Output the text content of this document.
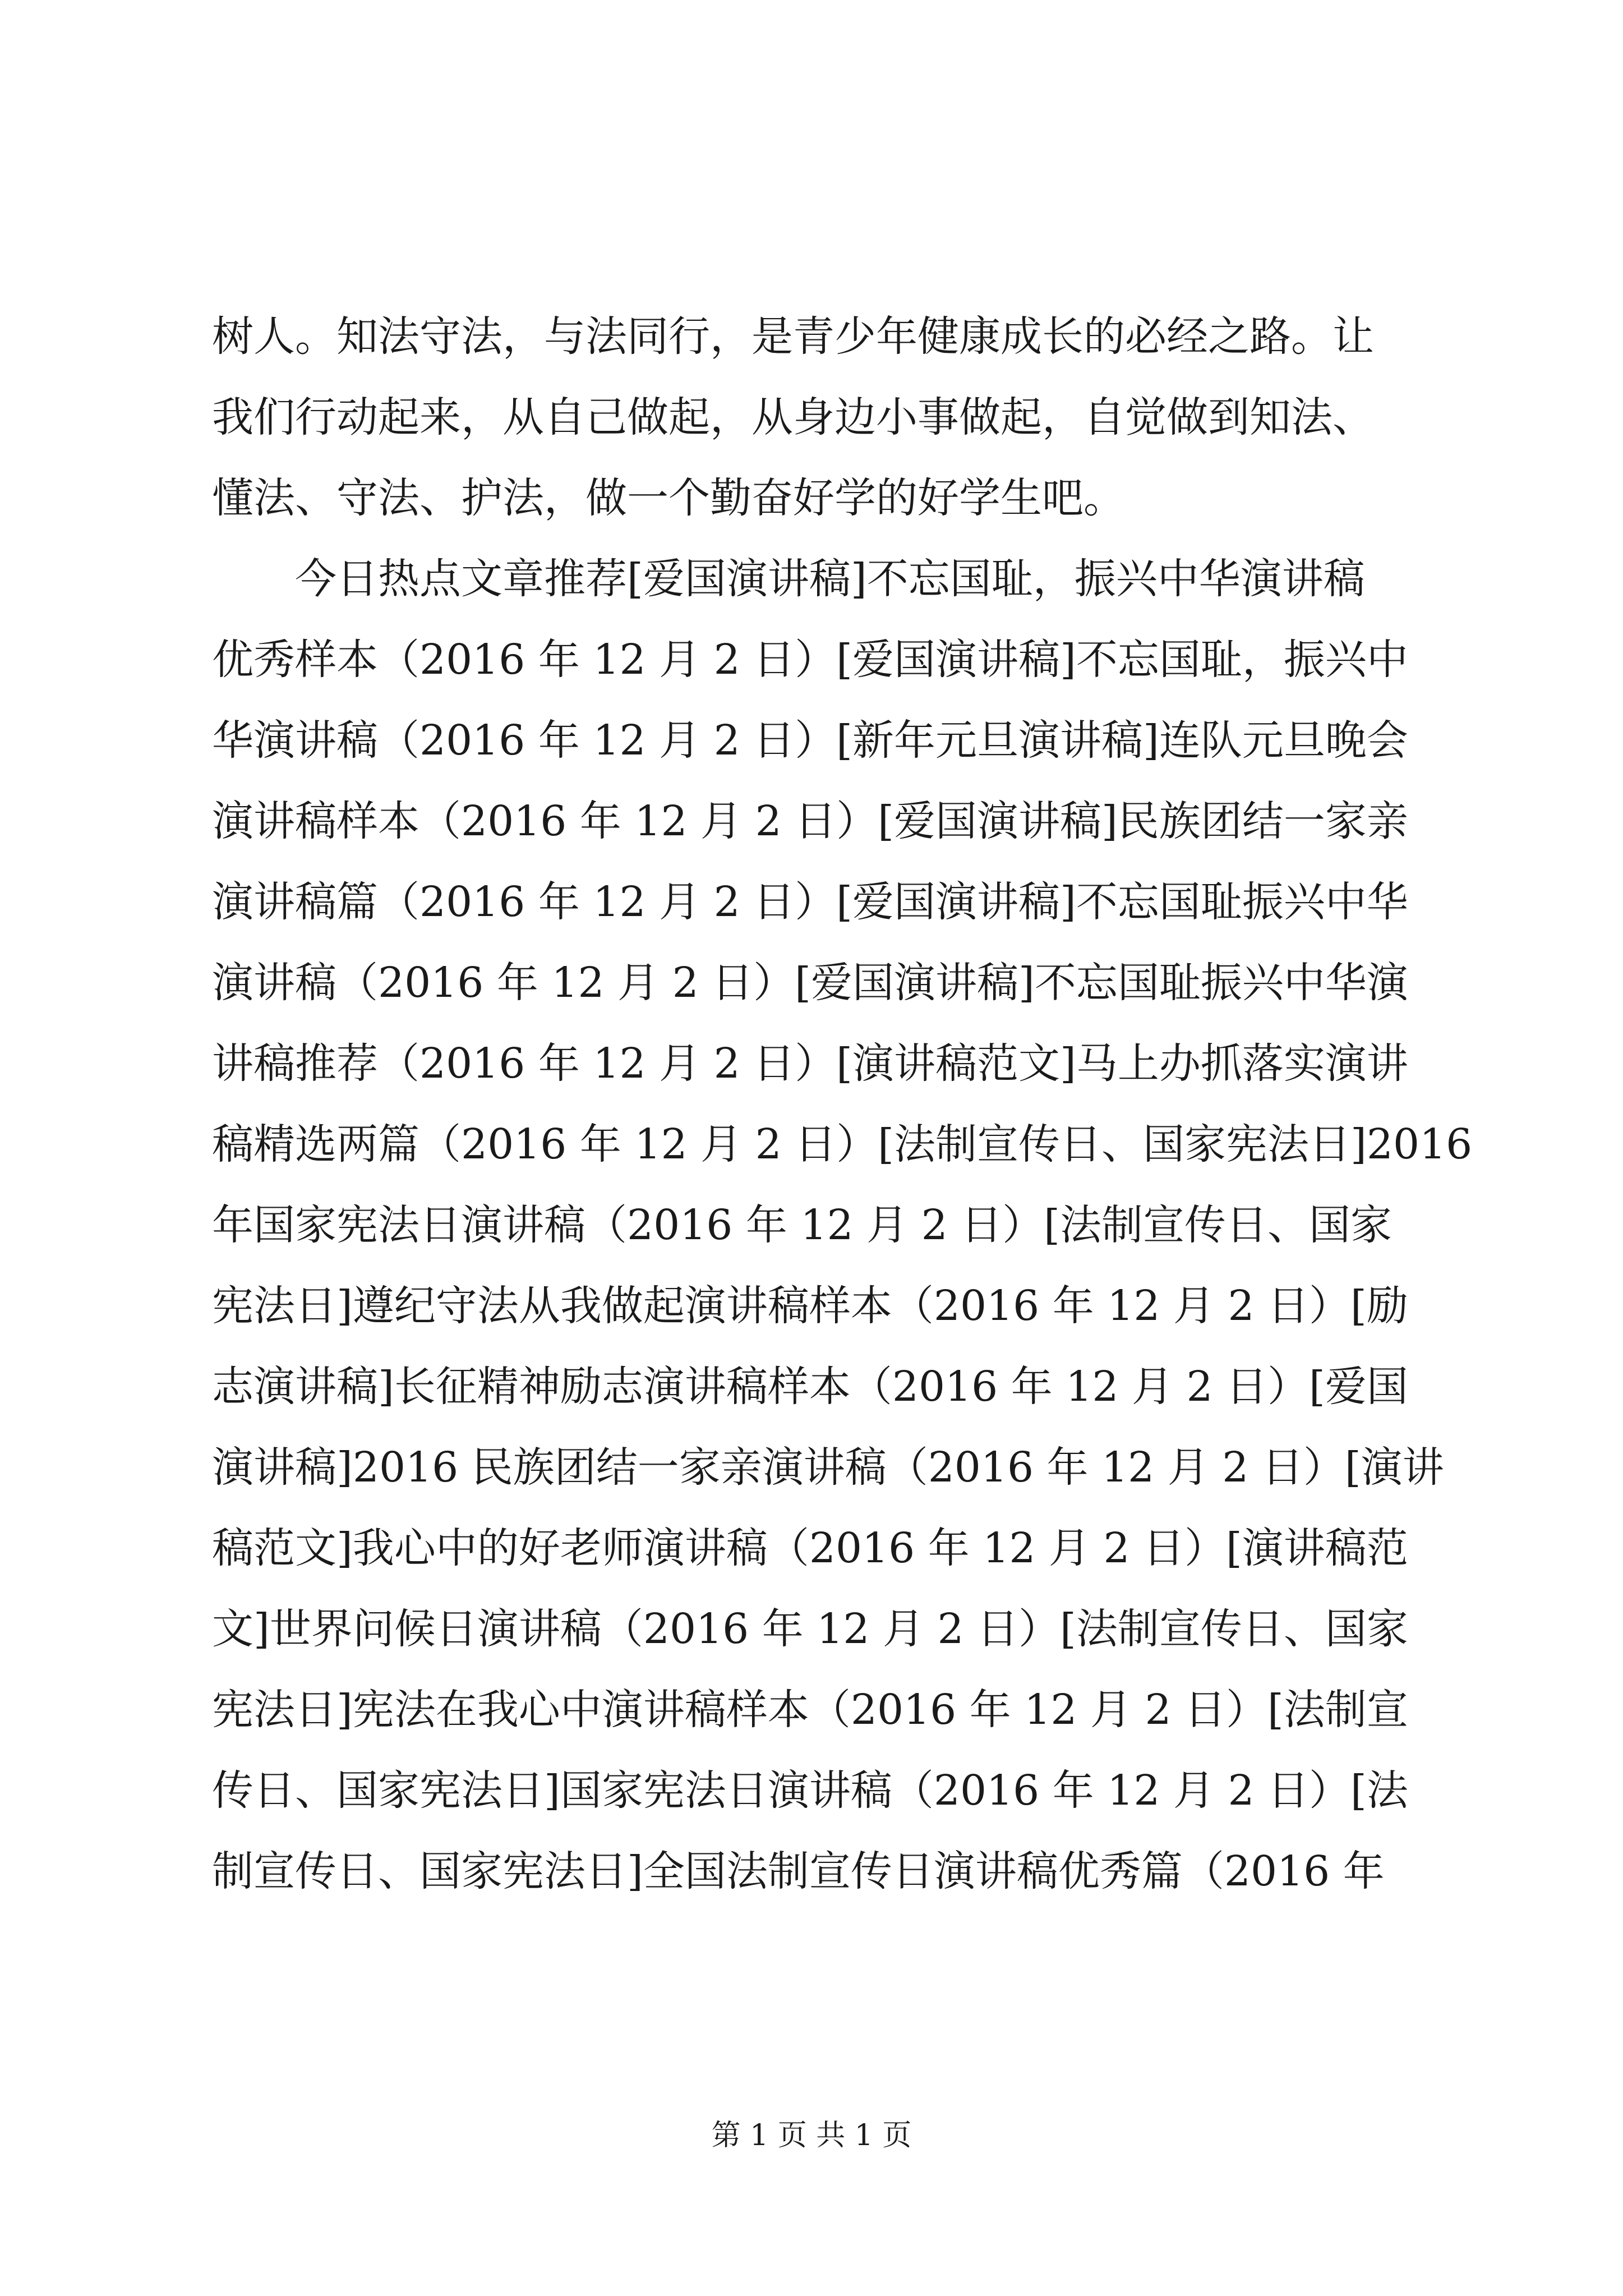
树人。知法守法，与法同行，是青少年健康成长的必经之路。让
我们行动起来，从自己做起，从身边小事做起，自觉做到知法、
懂法、守法、护法，做一个勤奋好学的好学生吧。
　　今日热点文章推荐[爱国演讲稿]不忘国耻，振兴中华演讲稿
优秀样本（2016 年 12 月 2 日）[爱国演讲稿]不忘国耻，振兴中
华演讲稿（2016 年 12 月 2 日）[新年元旦演讲稿]连队元旦晚会
演讲稿样本（2016 年 12 月 2 日）[爱国演讲稿]民族团结一家亲
演讲稿篇（2016 年 12 月 2 日）[爱国演讲稿]不忘国耻振兴中华
演讲稿（2016 年 12 月 2 日）[爱国演讲稿]不忘国耻振兴中华演
讲稿推荐（2016 年 12 月 2 日）[演讲稿范文]马上办抓落实演讲
稿精选两篇（2016 年 12 月 2 日）[法制宣传日、国家宪法日]2016
年国家宪法日演讲稿（2016 年 12 月 2 日）[法制宣传日、国家
宪法日]遵纪守法从我做起演讲稿样本（2016 年 12 月 2 日）[励
志演讲稿]长征精神励志演讲稿样本（2016 年 12 月 2 日）[爱国
演讲稿]2016 民族团结一家亲演讲稿（2016 年 12 月 2 日）[演讲
稿范文]我心中的好老师演讲稿（2016 年 12 月 2 日）[演讲稿范
文]世界问候日演讲稿（2016 年 12 月 2 日）[法制宣传日、国家
宪法日]宪法在我心中演讲稿样本（2016 年 12 月 2 日）[法制宣
传日、国家宪法日]国家宪法日演讲稿（2016 年 12 月 2 日）[法
制宣传日、国家宪法日]全国法制宣传日演讲稿优秀篇（2016 年
第 1 页 共 1 页
